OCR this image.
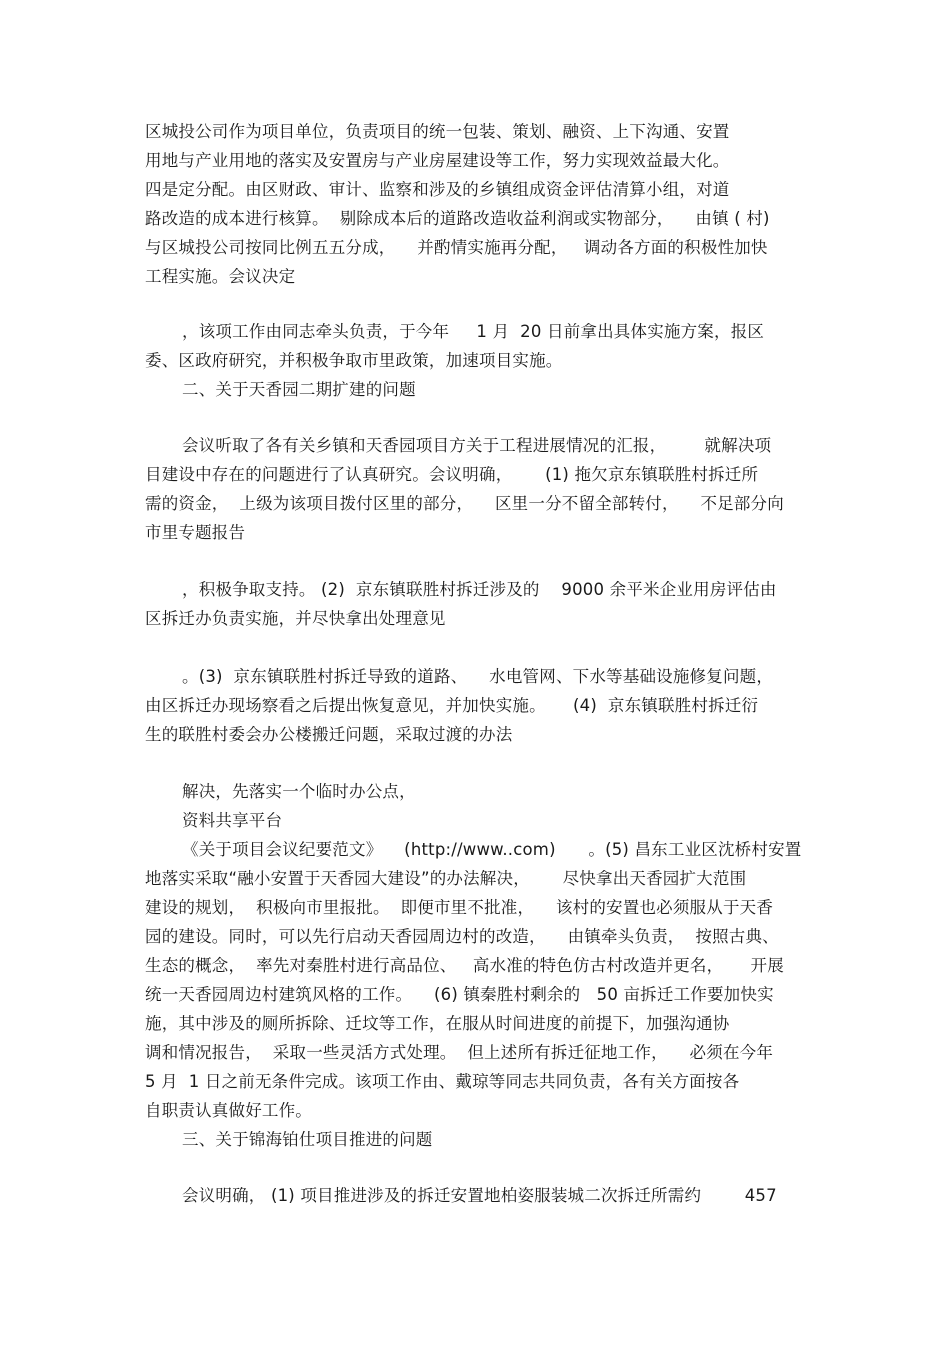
区城投公司作为项目单位，负责项目的统一包装、策划、融资、上下沟通、安置
用地与产业用地的落实及安置房与产业房屋建设等工作，努力实现效益最大化。
四是定分配。由区财政、审计、监察和涉及的乡镇组成资金评估清算小组，对道
路改造的成本进行核算。  剔除成本后的道路改造收益利润或实物部分，    由镇 ( 村)
与区城投公司按同比例五五分成，    并酌情实施再分配，   调动各方面的积极性加快
工程实施。会议决定
，该项工作由同志牵头负责，于今年     1 月  20 日前拿出具体实施方案，报区
委、区政府研究，并积极争取市里政策，加速项目实施。
二、关于天香园二期扩建的问题
会议听取了各有关乡镇和天香园项目方关于工程进展情况的汇报，       就解决项
目建设中存在的问题进行了认真研究。会议明确，      (1) 拖欠京东镇联胜村拆迁所
需的资金，  上级为该项目拨付区里的部分，    区里一分不留全部转付，    不足部分向
市里专题报告
，积极争取支持。 (2)  京东镇联胜村拆迁涉及的    9000 余平米企业用房评估由
区拆迁办负责实施，并尽快拿出处理意见
。(3)  京东镇联胜村拆迁导致的道路、    水电管网、下水等基础设施修复问题，
由区拆迁办现场察看之后提出恢复意见，并加快实施。     (4)  京东镇联胜村拆迁衍
生的联胜村委会办公楼搬迁问题，采取过渡的办法
解决，先落实一个临时办公点，
资料共享平台
《关于项目会议纪要范文》    (http://www..com)      。(5) 昌东工业区沈桥村安置
地落实采取“融小安置于天香园大建设”的办法解决，      尽快拿出天香园扩大范围
建设的规划，  积极向市里报批。  即便市里不批准，    该村的安置也必须服从于天香
园的建设。同时，可以先行启动天香园周边村的改造，    由镇牵头负责，  按照古典、
生态的概念，  率先对秦胜村进行高品位、   高水准的特色仿古村改造并更名，     开展
统一天香园周边村建筑风格的工作。    (6) 镇秦胜村剩余的   50 亩拆迁工作要加快实
施，其中涉及的厕所拆除、迁坟等工作，在服从时间进度的前提下，加强沟通协
调和情况报告，  采取一些灵活方式处理。  但上述所有拆迁征地工作，    必须在今年
5 月  1 日之前无条件完成。该项工作由、戴琼等同志共同负责，各有关方面按各
自职责认真做好工作。
三、关于锦海铂仕项目推进的问题
会议明确， (1) 项目推进涉及的拆迁安置地柏姿服装城二次拆迁所需约        457
